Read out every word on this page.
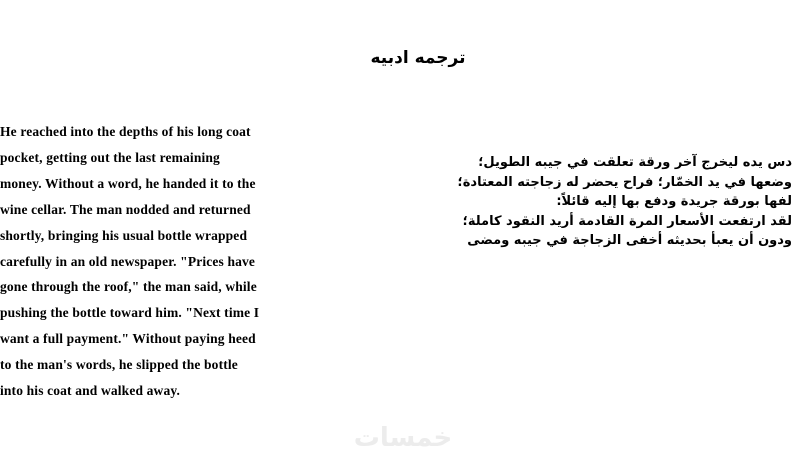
ترجمه ادبيه
He reached into the depths of his long coat
pocket, getting out the last remaining
money. Without a word, he handed it to the
wine cellar. The man nodded and returned
shortly, bringing his usual bottle wrapped
carefully in an old newspaper. "Prices have
gone through the roof," the man said, while
pushing the bottle toward him. "Next time I
want a full payment." Without paying heed
to the man's words, he slipped the bottle
into his coat and walked away.
دس يده ليخرج آخر ورقة تعلقت في جيبه الطويل؛
وضعها في يد الخمّار؛ فراح يحضر له زجاجته المعتادة؛
لفها بورقة جريدة ودفع بها إليه قائلاً:
لقد ارتفعت الأسعار المرة القادمة أريد النقود كاملة؛
ودون أن يعبأ بحديثه أخفى الزجاجة في جيبه ومضى
خمسات
